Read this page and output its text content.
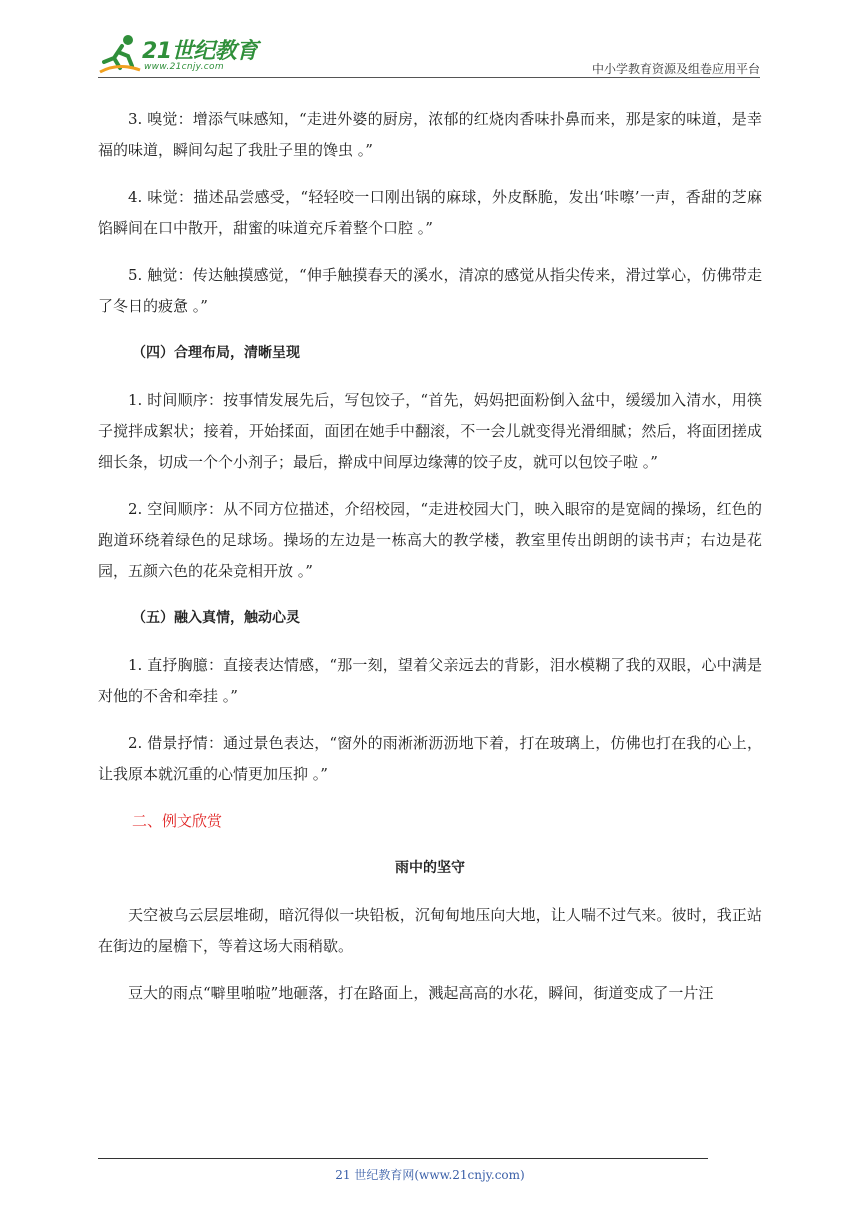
21世纪教育
www.21cnjy.com	中小学教育资源及组卷应用平台

3. 嗅觉：增添气味感知，“走进外婆的厨房，浓郁的红烧肉香味扑鼻而来，那是家的味道，是幸福的味道，瞬间勾起了我肚子里的馋虫 。”

4. 味觉：描述品尝感受，“轻轻咬一口刚出锅的麻球，外皮酥脆，发出‘咔嚓’一声，香甜的芝麻馅瞬间在口中散开，甜蜜的味道充斥着整个口腔 。”

5. 触觉：传达触摸感觉，“伸手触摸春天的溪水，清凉的感觉从指尖传来，滑过掌心，仿佛带走了冬日的疲惫 。”

（四）合理布局，清晰呈现

1. 时间顺序：按事情发展先后，写包饺子，“首先，妈妈把面粉倒入盆中，缓缓加入清水，用筷子搅拌成絮状；接着，开始揉面，面团在她手中翻滚，不一会儿就变得光滑细腻；然后，将面团搓成细长条，切成一个个小剂子；最后，擀成中间厚边缘薄的饺子皮，就可以包饺子啦 。”

2. 空间顺序：从不同方位描述，介绍校园，“走进校园大门，映入眼帘的是宽阔的操场，红色的跑道环绕着绿色的足球场。操场的左边是一栋高大的教学楼，教室里传出朗朗的读书声；右边是花园，五颜六色的花朵竞相开放 。”

（五）融入真情，触动心灵

1. 直抒胸臆：直接表达情感，“那一刻，望着父亲远去的背影，泪水模糊了我的双眼，心中满是对他的不舍和牵挂 。”

2. 借景抒情：通过景色表达，“窗外的雨淅淅沥沥地下着，打在玻璃上，仿佛也打在我的心上，让我原本就沉重的心情更加压抑 。”

二、例文欣赏
雨中的坚守

天空被乌云层层堆砌，暗沉得似一块铅板，沉甸甸地压向大地，让人喘不过气来。彼时，我正站在街边的屋檐下，等着这场大雨稍歇。

豆大的雨点“噼里啪啦”地砸落，打在路面上，溅起高高的水花，瞬间，街道变成了一片汪

21 世纪教育网(www.21cnjy.com)
